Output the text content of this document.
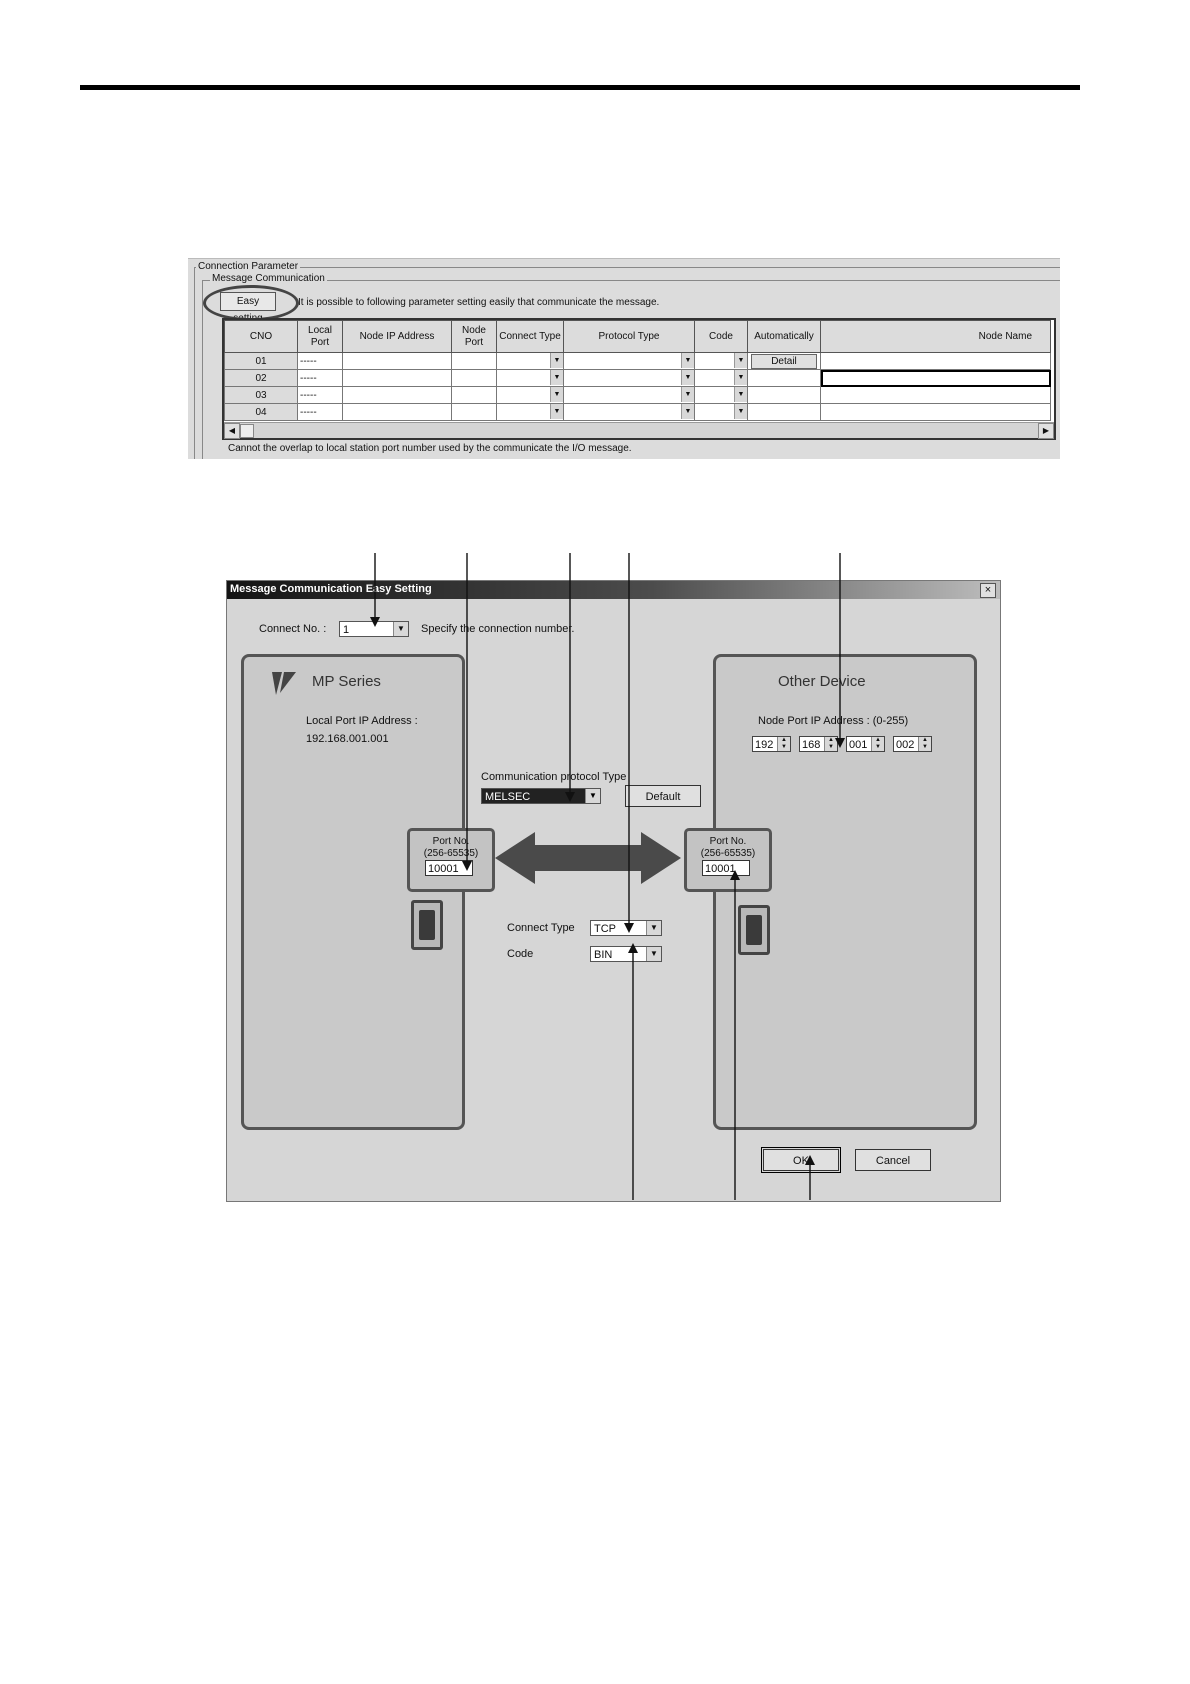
Connection Parameter
Message Communication
Easy	It is possible to following parameter setting easily that communicate the message.
CNO	Local Port	Node IP Address	Node Port	Connect Type	Protocol Type	Code	Automatically	Node Name
01	-----			▼	▼	▼	Detail	
02	-----			▼	▼	▼		

03	-----			▼	▼	▼		

04	-----			▼	▼	▼		

◀	▶
Cannot the overlap to local station port number used by the communicate the I/O message.
Message Communication Easy Setting	×
Connect No. :	1	▼ Specify the connection number.
MP Series
Local Port IP Address :
192.168.001.001
Port No.
(256-65535)
10001
Other Device
Node Port IP Address : (0-255)
192	▲
▼ 168	▲
▼ 001	▲
▼ 002	▲
▼
Port No.
(256-65535)
10001
Communication protocol Type
MELSEC	▼	Default
Connect Type	TCP	▼
Code	BIN	▼
OK	Cancel
